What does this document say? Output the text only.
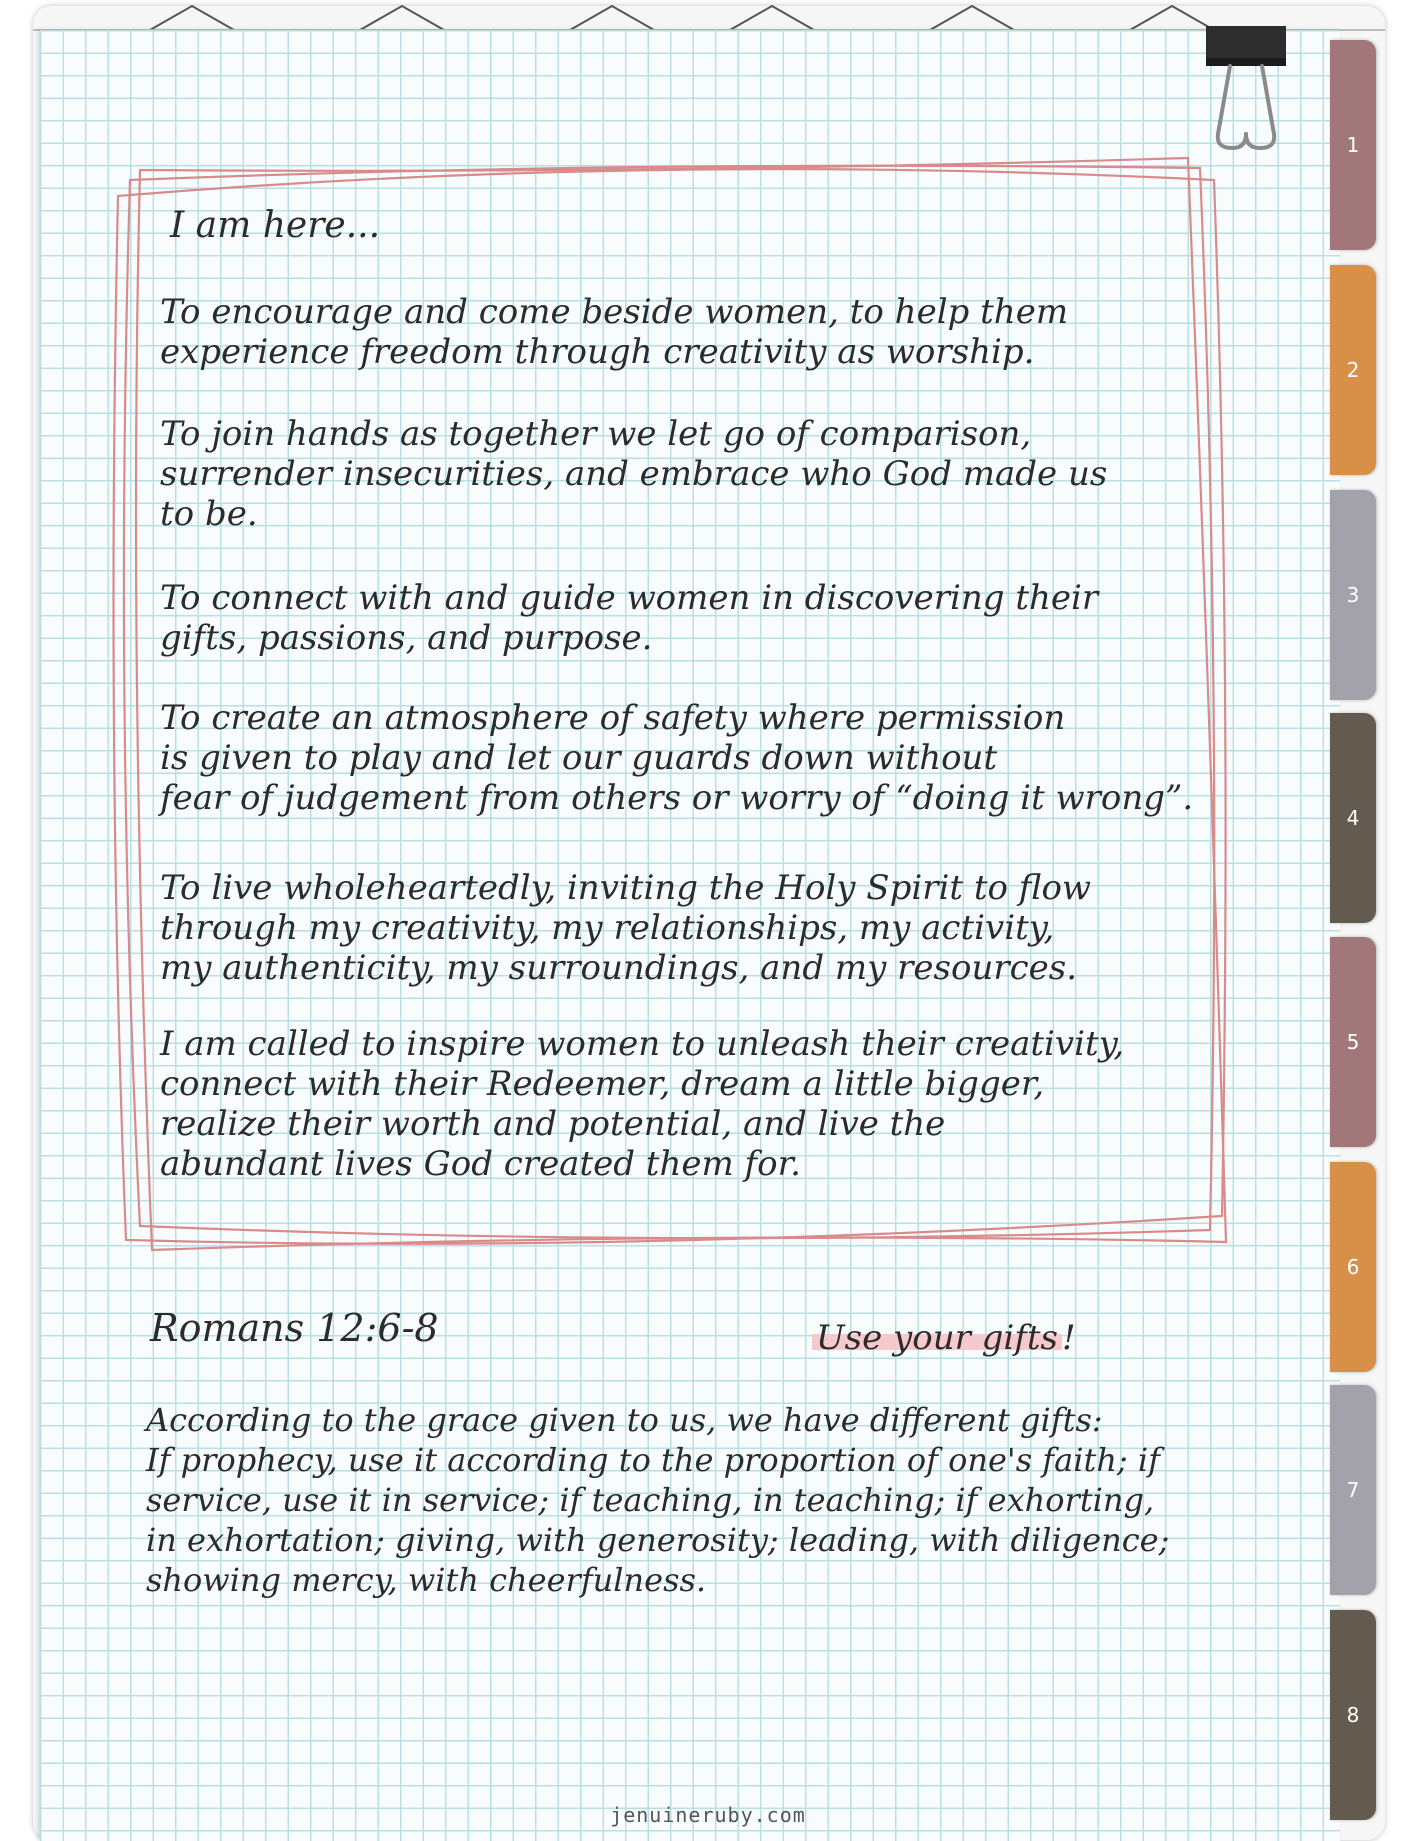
1
2
3
4
5
6
7
8
I am here...
To encourage and come beside women, to help them
experience freedom through creativity as worship.
To join hands as together we let go of comparison,
surrender insecurities, and embrace who God made us
to be.
To connect with and guide women in discovering their
gifts, passions, and purpose.
To create an atmosphere of safety where permission
is given to play and let our guards down without
fear of judgement from others or worry of “doing it wrong”.
To live wholeheartedly, inviting the Holy Spirit to flow
through my creativity, my relationships, my activity,
my authenticity, my surroundings, and my resources.
I am called to inspire women to unleash their creativity,
connect with their Redeemer, dream a little bigger,
realize their worth and potential, and live the
abundant lives God created them for.
Romans 12:6-8	Use your gifts !
According to the grace given to us, we have different gifts:
If prophecy, use it according to the proportion of one's faith; if
service, use it in service; if teaching, in teaching; if exhorting,
in exhortation; giving, with generosity; leading, with diligence;
showing mercy, with cheerfulness.
jenuineruby.com
